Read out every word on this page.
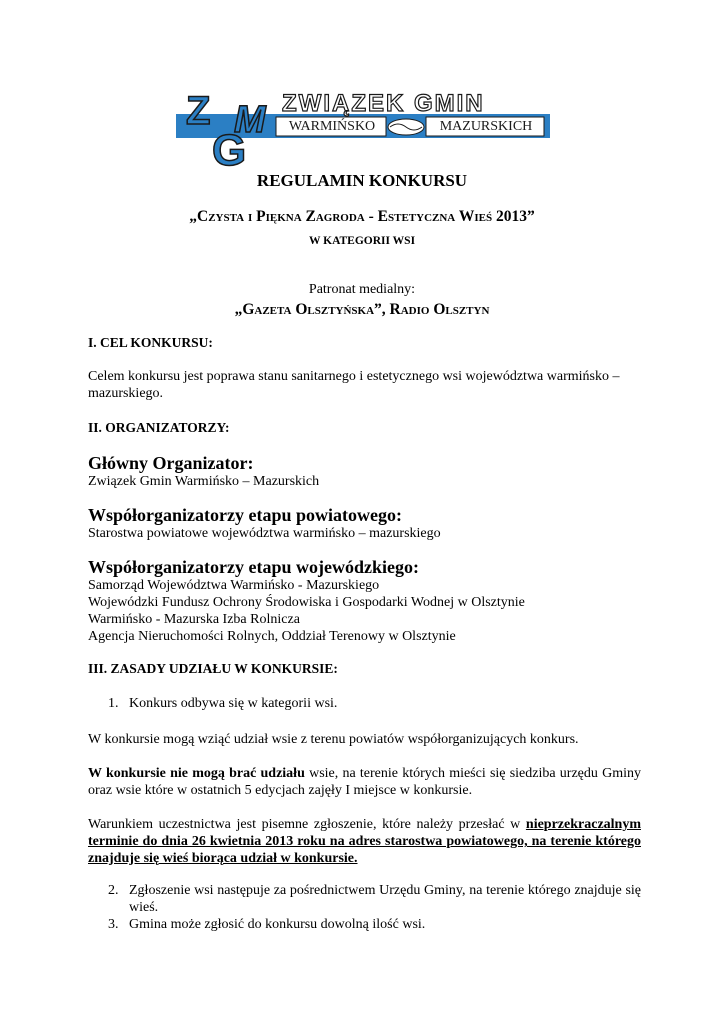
Z
G
M ZWIĄZEK GMIN
WARMIŃSKO	MAZURSKICH
REGULAMIN KONKURSU
„Czysta i Piękna Zagroda - Estetyczna Wieś 2013”
W KATEGORII WSI
Patronat medialny:
„Gazeta Olsztyńska”, Radio Olsztyn
I. CEL KONKURSU:
Celem konkursu jest poprawa stanu sanitarnego i estetycznego wsi województwa warmińsko – mazurskiego.
II. ORGANIZATORZY:
Główny Organizator:
Związek Gmin Warmińsko – Mazurskich
Współorganizatorzy etapu powiatowego:
Starostwa powiatowe województwa warmińsko – mazurskiego
Współorganizatorzy etapu wojewódzkiego:
Samorząd Województwa Warmińsko - Mazurskiego
Wojewódzki Fundusz Ochrony Środowiska i Gospodarki Wodnej w Olsztynie
Warmińsko - Mazurska Izba Rolnicza
Agencja Nieruchomości Rolnych, Oddział Terenowy w Olsztynie
III. ZASADY UDZIAŁU W KONKURSIE:
1. Konkurs odbywa się w kategorii wsi.
W konkursie mogą wziąć udział wsie z terenu powiatów współorganizujących konkurs.
W konkursie nie mogą brać udziału wsie, na terenie których mieści się siedziba urzędu Gminy oraz wsie które w ostatnich 5 edycjach zajęły I miejsce w konkursie.
Warunkiem uczestnictwa jest pisemne zgłoszenie, które należy przesłać w nieprzekraczalnym terminie do dnia 26 kwietnia 2013 roku na adres starostwa powiatowego, na terenie którego znajduje się wieś biorąca udział w konkursie.
2. Zgłoszenie wsi następuje za pośrednictwem Urzędu Gminy, na terenie którego znajduje się wieś.
3. Gmina może zgłosić do konkursu dowolną ilość wsi.
